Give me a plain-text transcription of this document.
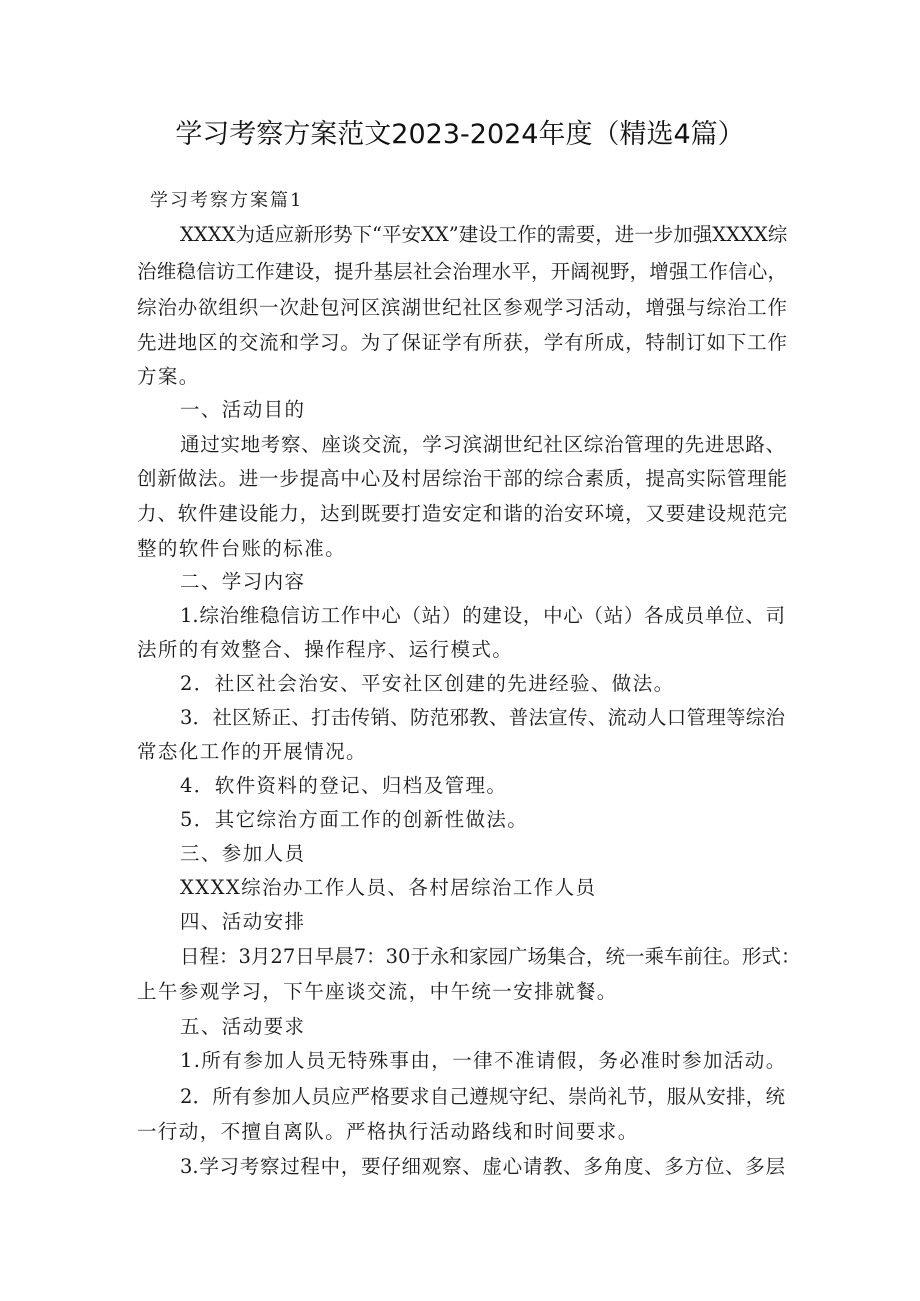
学习考察方案范文2023-2024年度（精选4篇）
学习考察方案篇1
XXXX为适应新形势下“平安XX”建设工作的需要，进一步加强XXXX综
治维稳信访工作建设，提升基层社会治理水平，开阔视野，增强工作信心，
综治办欲组织一次赴包河区滨湖世纪社区参观学习活动，增强与综治工作
先进地区的交流和学习。为了保证学有所获，学有所成，特制订如下工作
方案。
一、活动目的
通过实地考察、座谈交流，学习滨湖世纪社区综治管理的先进思路、
创新做法。进一步提高中心及村居综治干部的综合素质，提高实际管理能
力、软件建设能力，达到既要打造安定和谐的治安环境，又要建设规范完
整的软件台账的标准。
二、学习内容
1.综治维稳信访工作中心（站）的建设，中心（站）各成员单位、司
法所的有效整合、操作程序、运行模式。
2．社区社会治安、平安社区创建的先进经验、做法。
3．社区矫正、打击传销、防范邪教、普法宣传、流动人口管理等综治
常态化工作的开展情况。
4．软件资料的登记、归档及管理。
5．其它综治方面工作的创新性做法。
三、参加人员
XXXX综治办工作人员、各村居综治工作人员
四、活动安排
日程：3月27日早晨7：30于永和家园广场集合，统一乘车前往。形式：
上午参观学习，下午座谈交流，中午统一安排就餐。
五、活动要求
1.所有参加人员无特殊事由，一律不准请假，务必准时参加活动。
2．所有参加人员应严格要求自己遵规守纪、崇尚礼节，服从安排，统
一行动，不擅自离队。严格执行活动路线和时间要求。
3.学习考察过程中，要仔细观察、虚心请教、多角度、多方位、多层
